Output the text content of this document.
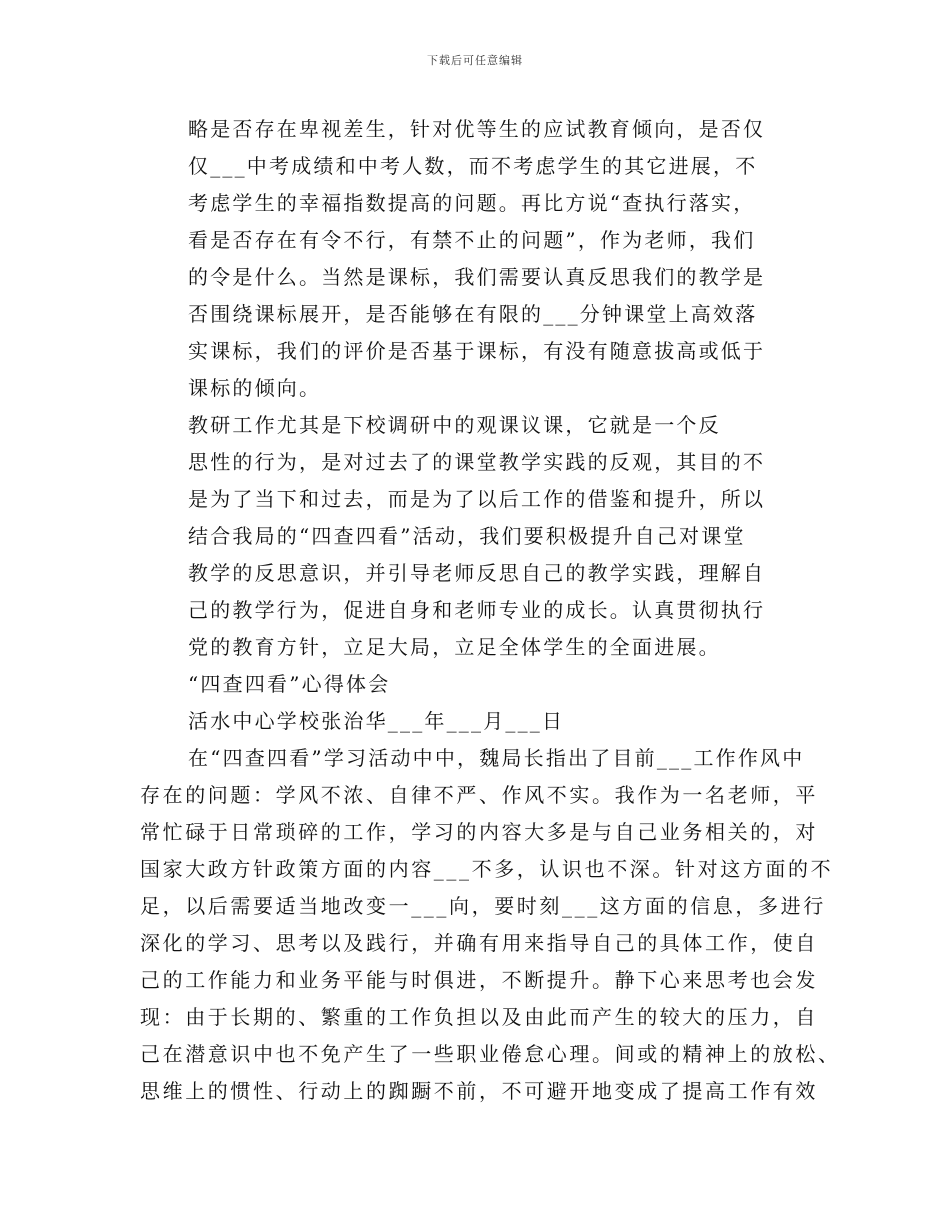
下载后可任意编辑
略是否存在卑视差生，针对优等生的应试教育倾向，是否仅
仅___中考成绩和中考人数，而不考虑学生的其它进展，不
考虑学生的幸福指数提高的问题。再比方说“查执行落实，
看是否存在有令不行，有禁不止的问题”，作为老师，我们
的令是什么。当然是课标，我们需要认真反思我们的教学是
否围绕课标展开，是否能够在有限的___分钟课堂上高效落
实课标，我们的评价是否基于课标，有没有随意拔高或低于
课标的倾向。
教研工作尤其是下校调研中的观课议课，它就是一个反
思性的行为，是对过去了的课堂教学实践的反观，其目的不
是为了当下和过去，而是为了以后工作的借鉴和提升，所以
结合我局的“四查四看”活动，我们要积极提升自己对课堂
教学的反思意识，并引导老师反思自己的教学实践，理解自
己的教学行为，促进自身和老师专业的成长。认真贯彻执行
党的教育方针，立足大局，立足全体学生的全面进展。
“四查四看”心得体会
活水中心学校张治华___年___月___日
在“四查四看”学习活动中中，魏局长指出了目前___工作作风中
存在的问题：学风不浓、自律不严、作风不实。我作为一名老师，平
常忙碌于日常琐碎的工作，学习的内容大多是与自己业务相关的，对
国家大政方针政策方面的内容___不多，认识也不深。针对这方面的不
足，以后需要适当地改变一___向，要时刻___这方面的信息，多进行
深化的学习、思考以及践行，并确有用来指导自己的具体工作，使自
己的工作能力和业务平能与时俱进，不断提升。静下心来思考也会发
现：由于长期的、繁重的工作负担以及由此而产生的较大的压力，自
己在潜意识中也不免产生了一些职业倦怠心理。间或的精神上的放松、
思维上的惯性、行动上的踟蹰不前，不可避开地变成了提高工作有效
